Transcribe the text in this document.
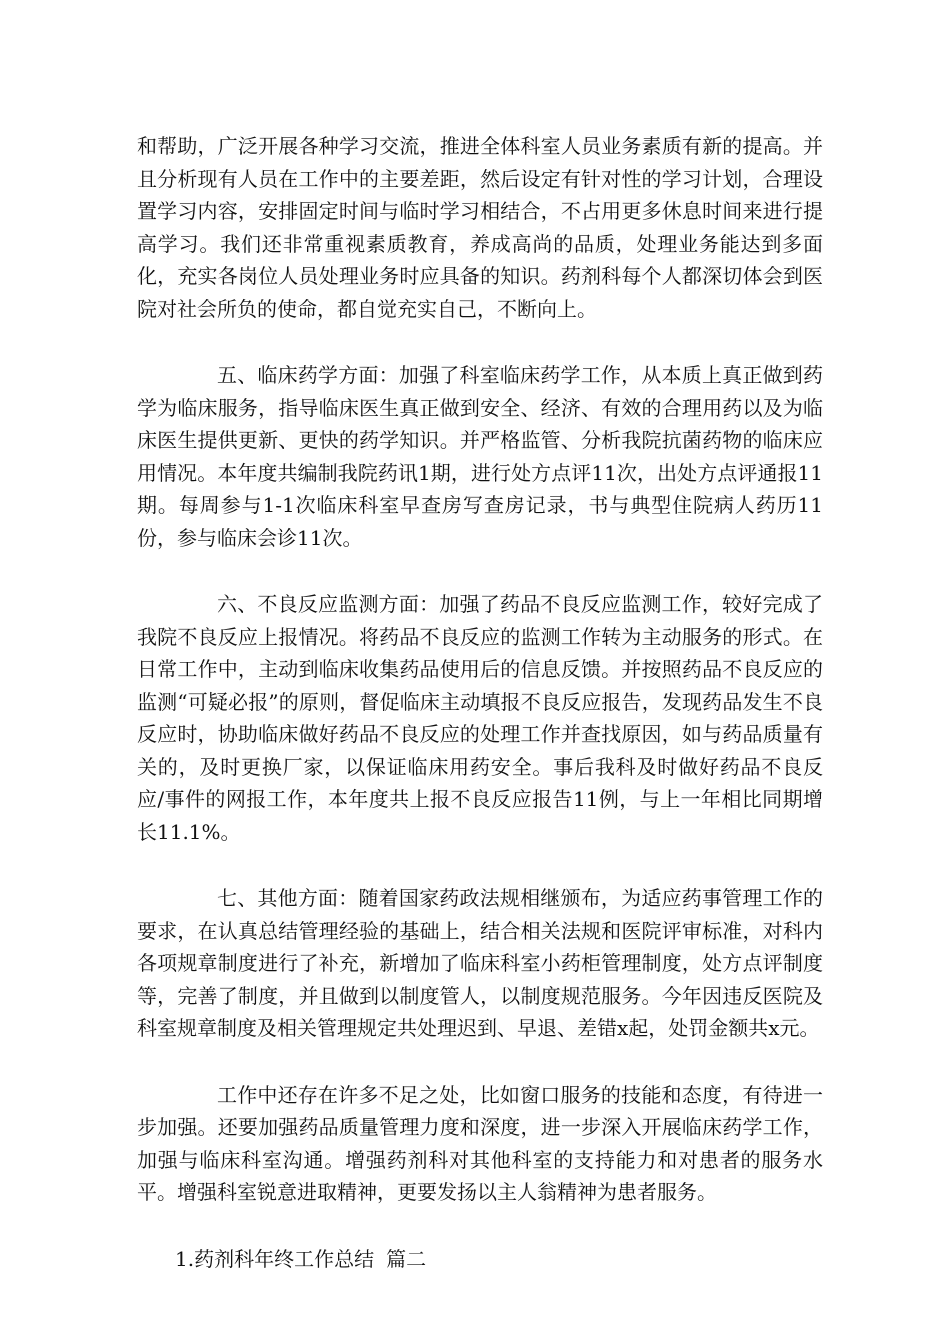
和帮助，广泛开展各种学习交流，推进全体科室人员业务素质有新的提高。并且分析现有人员在工作中的主要差距，然后设定有针对性的学习计划，合理设置学习内容，安排固定时间与临时学习相结合，不占用更多休息时间来进行提高学习。我们还非常重视素质教育，养成高尚的品质，处理业务能达到多面化，充实各岗位人员处理业务时应具备的知识。药剂科每个人都深切体会到医院对社会所负的使命，都自觉充实自己，不断向上。

五、临床药学方面：加强了科室临床药学工作，从本质上真正做到药学为临床服务，指导临床医生真正做到安全、经济、有效的合理用药以及为临床医生提供更新、更快的药学知识。并严格监管、分析我院抗菌药物的临床应用情况。本年度共编制我院药讯1期，进行处方点评11次，出处方点评通报11期。每周参与1-1次临床科室早查房写查房记录，书与典型住院病人药历11份，参与临床会诊11次。

六、不良反应监测方面：加强了药品不良反应监测工作，较好完成了我院不良反应上报情况。将药品不良反应的监测工作转为主动服务的形式。在日常工作中，主动到临床收集药品使用后的信息反馈。并按照药品不良反应的监测“可疑必报”的原则，督促临床主动填报不良反应报告，发现药品发生不良反应时，协助临床做好药品不良反应的处理工作并查找原因，如与药品质量有关的，及时更换厂家，以保证临床用药安全。事后我科及时做好药品不良反应/事件的网报工作，本年度共上报不良反应报告11例，与上一年相比同期增长11.1%。

七、其他方面：随着国家药政法规相继颁布，为适应药事管理工作的要求，在认真总结管理经验的基础上，结合相关法规和医院评审标准，对科内各项规章制度进行了补充，新增加了临床科室小药柜管理制度，处方点评制度等，完善了制度，并且做到以制度管人，以制度规范服务。今年因违反医院及科室规章制度及相关管理规定共处理迟到、早退、差错x起，处罚金额共x元。

工作中还存在许多不足之处，比如窗口服务的技能和态度，有待进一步加强。还要加强药品质量管理力度和深度，进一步深入开展临床药学工作，加强与临床科室沟通。增强药剂科对其他科室的支持能力和对患者的服务水平。增强科室锐意进取精神，更要发扬以主人翁精神为患者服务。

1.药剂科年终工作总结 篇二
